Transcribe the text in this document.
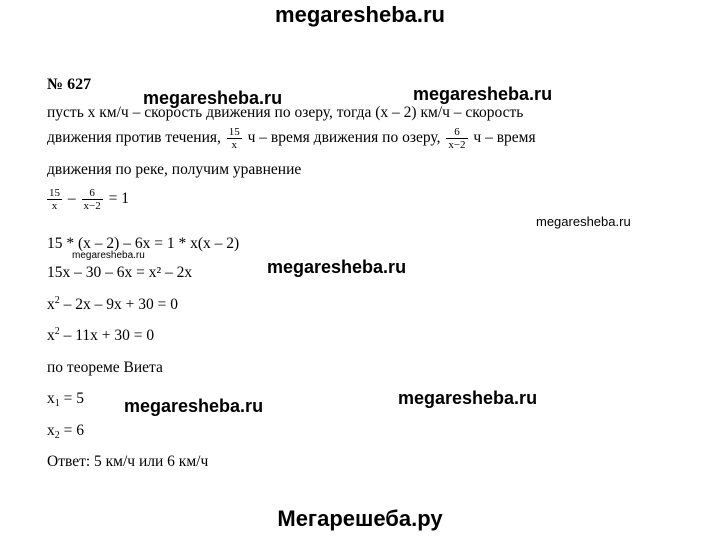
megaresheba.ru
№ 627
пусть x км/ч – скорость движения по озеру, тогда (x – 2) км/ч – скорость
движения против течения, $\frac{15}{x}$ ч – время движения по озеру, $\frac{6}{x-2}$ ч – время
движения по реке, получим уравнение
$\frac{15}{x} - \frac{6}{x-2} = 1$
15 * (x – 2) – 6x = 1 * x(x – 2)
15x – 30 – 6x = x² – 2x
$x^2 - 2x - 9x + 30 = 0$
$x^2 - 11x + 30 = 0$
по теореме Виета
$x_1 = 5$
$x_2 = 6$
Ответ: 5 км/ч или 6 км/ч
megaresheba.ru	megaresheba.ru
megaresheba.ru
megaresheba.ru
megaresheba.ru
megaresheba.ru	megaresheba.ru
Мегарешеба.ру
